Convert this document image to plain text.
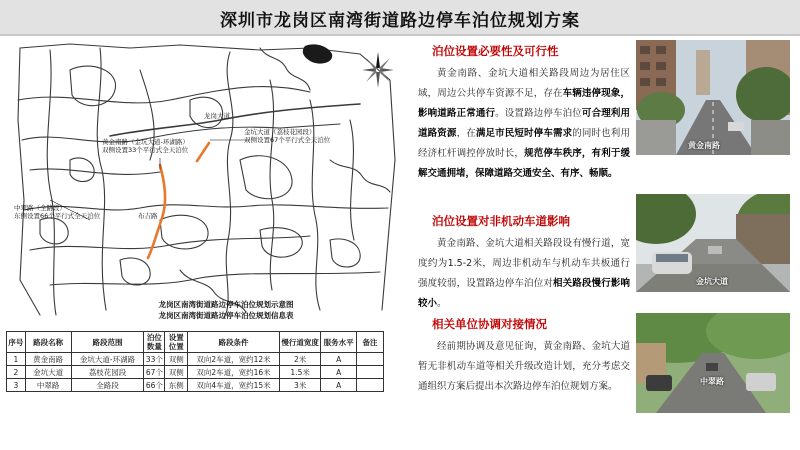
深圳市龙岗区南湾街道路边停车泊位规划方案
龙岗大道
黄金南路（金坑大道-环湖路）
双侧设置33个平行式全天泊位
金坑大道（荔枝花园段）
双侧设置67个平行式全天泊位
中翠路（全路段）
东侧设置66个平行式全天泊位	布吉路
龙岗区南湾街道路边停车泊位规划示意图
龙岗区南湾街道路边停车泊位规划信息表
序号	路段名称	路段范围	泊位数量	设置位置	路段条件	慢行道宽度	服务水平	备注
1	黄金南路	金坑大道-环湖路	33个	双侧	双向2车道，宽约12米	2米	A	
2	金坑大道	荔枝花园段	67个	双侧	双向2车道，宽约16米	1.5米	A	
3	中翠路	全路段	66个	东侧	双向4车道，宽约15米	3米	A	
泊位设置必要性及可行性

黄金南路、金坑大道相关路段周边为居住区域，周边公共停车资源不足，存在车辆违停现象，影响道路正常通行。设置路边停车泊位可合理利用道路资源，在满足市民短时停车需求的同时也利用经济杠杆调控停放时长，规范停车秩序，有利于缓解交通拥堵，保障道路交通安全、有序、畅顺。

泊位设置对非机动车道影响

黄金南路、金坑大道相关路段设有慢行道，宽度约为1.5-2米，周边非机动车与机动车共板通行强度较弱，设置路边停车泊位对相关路段慢行影响较小。

相关单位协调对接情况

经前期协调及意见征询，黄金南路、金坑大道暂无非机动车道等相关升级改造计划，充分考虑交通组织方案后提出本次路边停车泊位规划方案。

黄金南路
金坑大道
中翠路
